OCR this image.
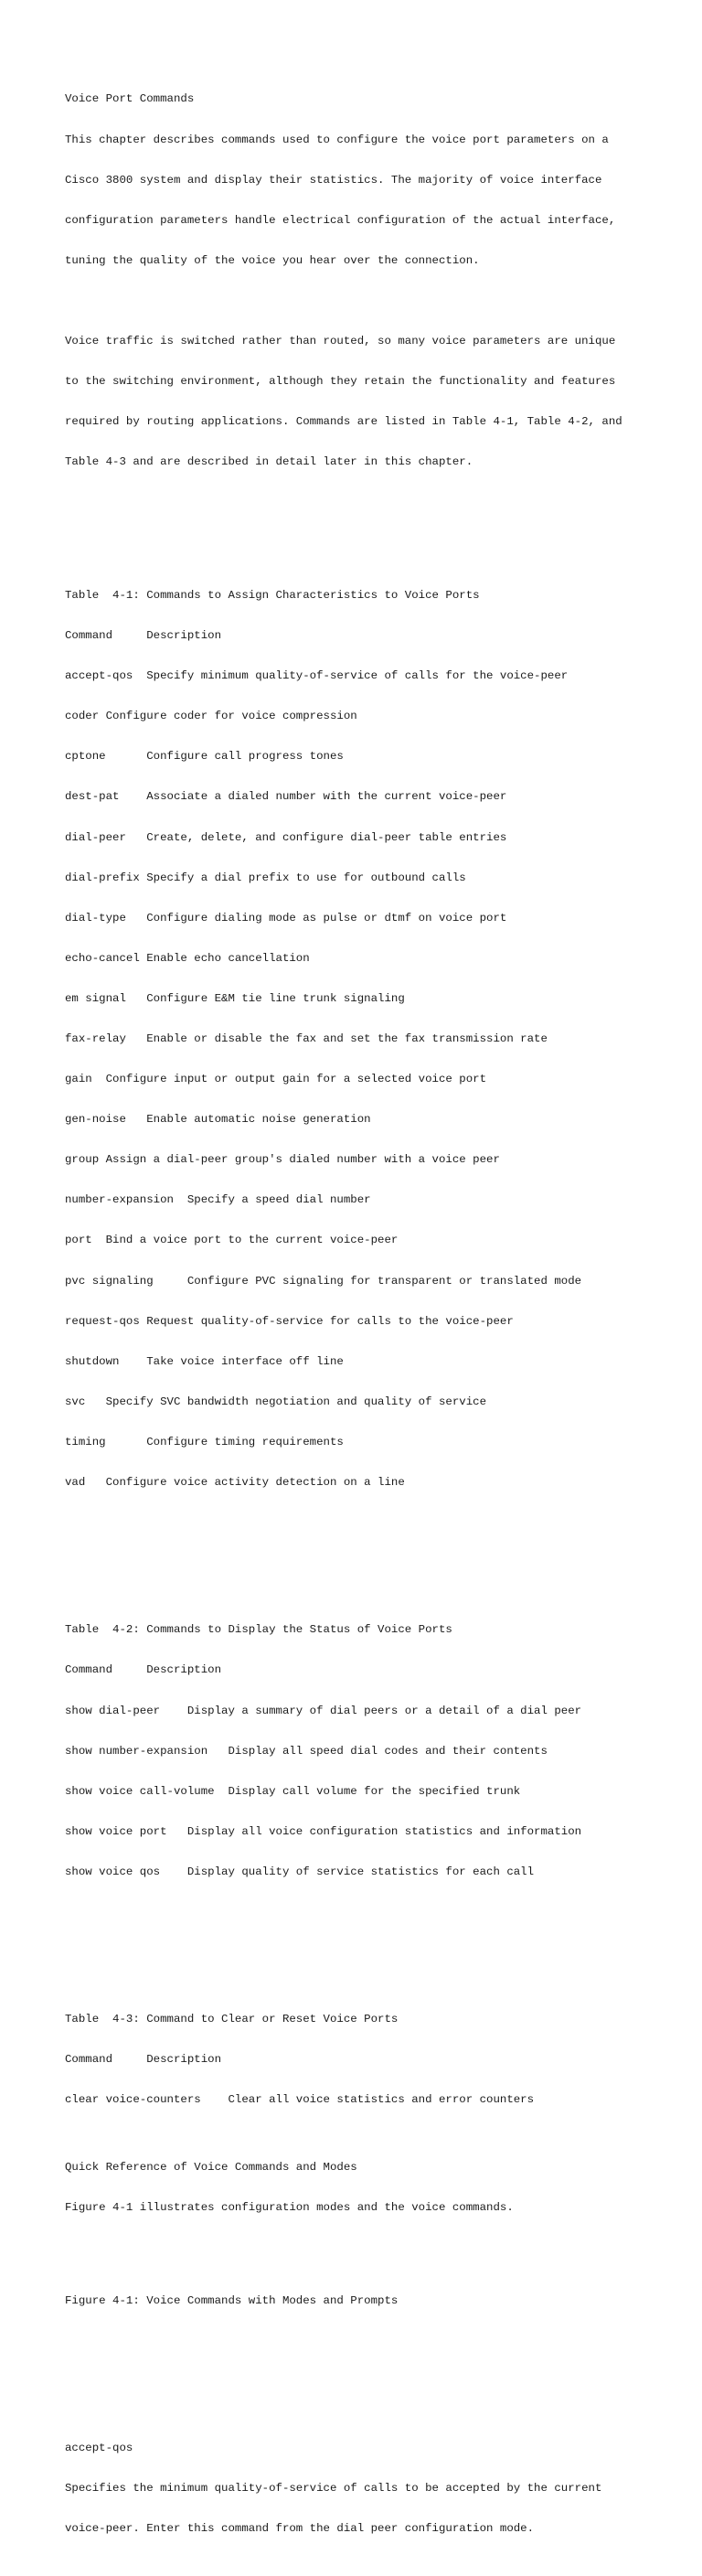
Voice Port Commands

This chapter describes commands used to configure the voice port parameters on a

Cisco 3800 system and display their statistics. The majority of voice interface

configuration parameters handle electrical configuration of the actual interface,

tuning the quality of the voice you hear over the connection.

Voice traffic is switched rather than routed, so many voice parameters are unique

to the switching environment, although they retain the functionality and features

required by routing applications. Commands are listed in Table 4-1, Table 4-2, and

Table 4-3 and are described in detail later in this chapter.

Table  4-1: Commands to Assign Characteristics to Voice Ports

Command     Description

accept-qos  Specify minimum quality-of-service of calls for the voice-peer

coder Configure coder for voice compression

cptone      Configure call progress tones

dest-pat    Associate a dialed number with the current voice-peer

dial-peer   Create, delete, and configure dial-peer table entries

dial-prefix Specify a dial prefix to use for outbound calls

dial-type   Configure dialing mode as pulse or dtmf on voice port

echo-cancel Enable echo cancellation

em signal   Configure E&M tie line trunk signaling

fax-relay   Enable or disable the fax and set the fax transmission rate

gain  Configure input or output gain for a selected voice port

gen-noise   Enable automatic noise generation

group Assign a dial-peer group's dialed number with a voice peer

number-expansion  Specify a speed dial number

port  Bind a voice port to the current voice-peer

pvc signaling     Configure PVC signaling for transparent or translated mode

request-qos Request quality-of-service for calls to the voice-peer

shutdown    Take voice interface off line

svc   Specify SVC bandwidth negotiation and quality of service

timing      Configure timing requirements

vad   Configure voice activity detection on a line

Table  4-2: Commands to Display the Status of Voice Ports

Command     Description

show dial-peer    Display a summary of dial peers or a detail of a dial peer

show number-expansion   Display all speed dial codes and their contents

show voice call-volume  Display call volume for the specified trunk

show voice port   Display all voice configuration statistics and information

show voice qos    Display quality of service statistics for each call

Table  4-3: Command to Clear or Reset Voice Ports

Command     Description

clear voice-counters    Clear all voice statistics and error counters

Quick Reference of Voice Commands and Modes

Figure 4-1 illustrates configuration modes and the voice commands.

Figure 4-1: Voice Commands with Modes and Prompts

accept-qos

Specifies the minimum quality-of-service of calls to be accepted by the current

voice-peer. Enter this command from the dial peer configuration mode.
